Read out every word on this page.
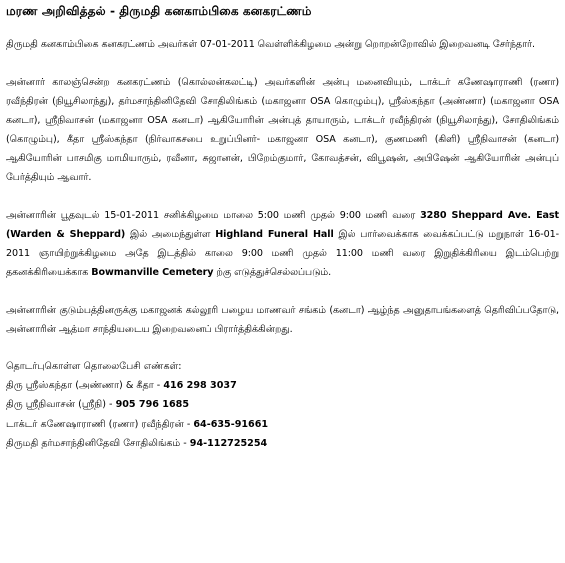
மரண அறிவித்தல் - திருமதி கனகாம்பிகை கனகரட்ணம்

திருமதி கனகாம்பிகை கனகரட்ணம் அவர்கள் 07-01-2011 வெள்ளிக்கிழமை அன்று றொறன்றோவில் இறைவனடி சேர்ந்தார்.

அன்னார் காலஞ்சென்ற கனகரட்ணம் (கொல்லன்கலட்டி) அவர்களின் அன்பு மனைவியும், டாக்டர் கணேஷாராணி (ரணா) ரவீந்திரன் (நியூசிலாந்து), தர்மசாந்தினிதேவி சோதிலிங்கம் (மகாஜனா OSA கொழும்பு), ஸ்ரீஸ்கந்தா (அண்ணா) (மகாஜனா OSA கனடா), ஸ்ரீநிவாசன் (மகாஜனா OSA கனடா) ஆகியோரின் அன்புத் தாயாரும், டாக்டர் ரவீந்திரன் (நியூசிலாந்து), சோதிலிங்கம் (கொழும்பு), கீதா ஸ்ரீஸ்கந்தா (நிர்வாகசபை உறுப்பினர்- மகாஜனா OSA கனடா), குணமணி (கிளி) ஸ்ரீநிவாசன் (கனடா) ஆகியோரின் பாசமிகு மாமியாரும், ரவீனா, சுஜானன், பிறேம்குமார், கோவத்சன், விபூஷன், அபிஷேன் ஆகியோரின் அன்புப் பேர்த்தியும் ஆவார்.

அன்னாரின் பூதவுடல் 15-01-2011 சனிக்கிழமை மாலை 5:00 மணி முதல் 9:00 மணி வரை 3280 Sheppard Ave. East (Warden & Sheppard) இல் அமைந்துள்ள Highland Funeral Hall இல் பார்வைக்காக வைக்கப்பட்டு மறுநாள் 16-01-2011 ஞாயிற்றுக்கிழமை அதே இடத்தில் காலை 9:00 மணி முதல் 11:00 மணி வரை இறுதிக்கிரியை இடம்பெற்று தகனக்கிரியைக்காக Bowmanville Cemetery ற்கு எடுத்துச்செல்லப்படும்.

அன்னாரின் குடும்பத்தினருக்கு மகாஜனக் கல்லூரி பழைய மாணவர் சங்கம் (கனடா) ஆழ்ந்த அனுதாபங்களைத் தெரிவிப்பதோடு, அன்னாரின் ஆத்மா சாந்தியடைய இறைவனைப் பிரார்த்திக்கின்றது.

தொடர்புகொள்ள தொலைபேசி எண்கள்:

திரு ஸ்ரீஸ்கந்தா (அண்ணா) & கீதா - 416 298 3037

திரு ஸ்ரீநிவாசன் (ஸ்ரீநி) - 905 796 1685

டாக்டர் கணேஷாராணி (ரணா) ரவீந்திரன் - 64-635-91661

திருமதி தர்மசாந்தினிதேவி சோதிலிங்கம் - 94-112725254
